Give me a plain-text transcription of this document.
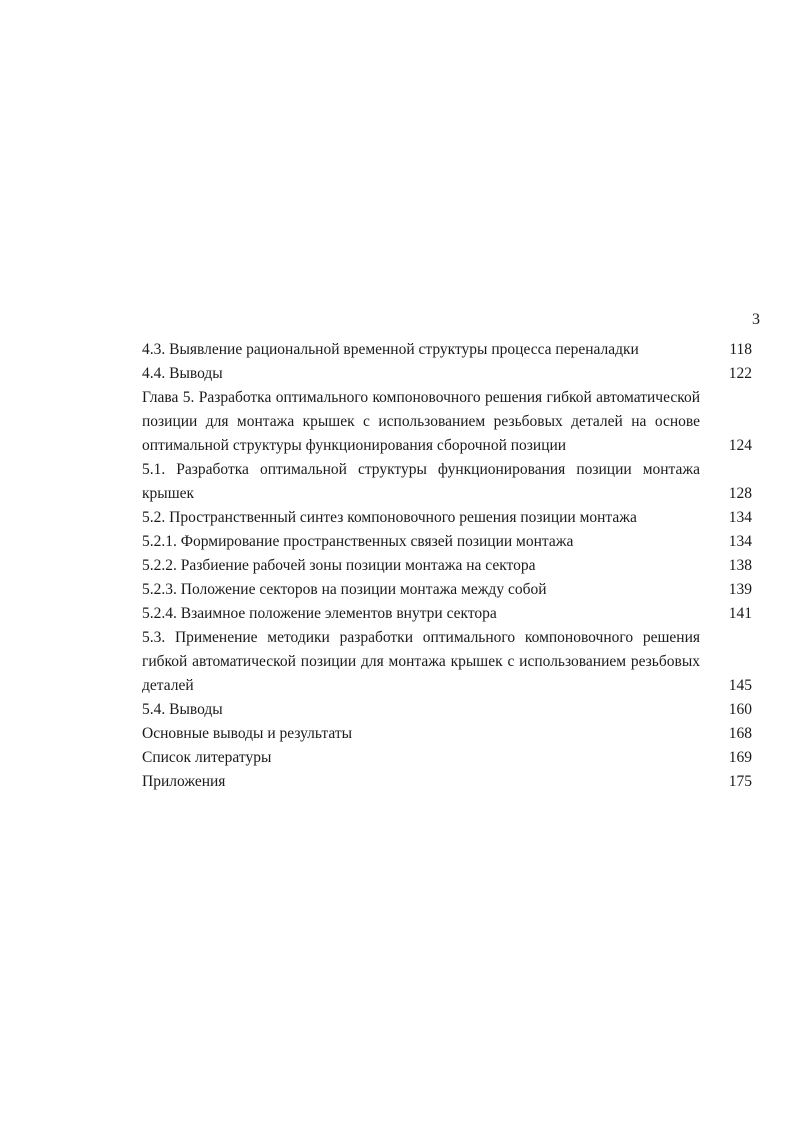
3
4.3. Выявление рациональной временной структуры процесса переналадки	118
4.4. Выводы	122
Глава 5. Разработка оптимального компоновочного решения гибкой автоматической позиции для монтажа крышек с использованием резьбовых деталей на основе оптимальной структуры функционирования сборочной позиции	124
5.1. Разработка оптимальной структуры функционирования позиции монтажа крышек	128
5.2. Пространственный синтез компоновочного решения позиции монтажа	134
5.2.1. Формирование пространственных связей позиции монтажа	134
5.2.2. Разбиение рабочей зоны позиции монтажа на сектора	138
5.2.3. Положение секторов на позиции монтажа между собой	139
5.2.4. Взаимное положение элементов внутри сектора	141
5.3. Применение методики разработки оптимального компоновочного решения гибкой автоматической позиции для монтажа крышек с использованием резьбовых деталей	145
5.4. Выводы	160
Основные выводы и результаты	168
Список литературы	169
Приложения	175
